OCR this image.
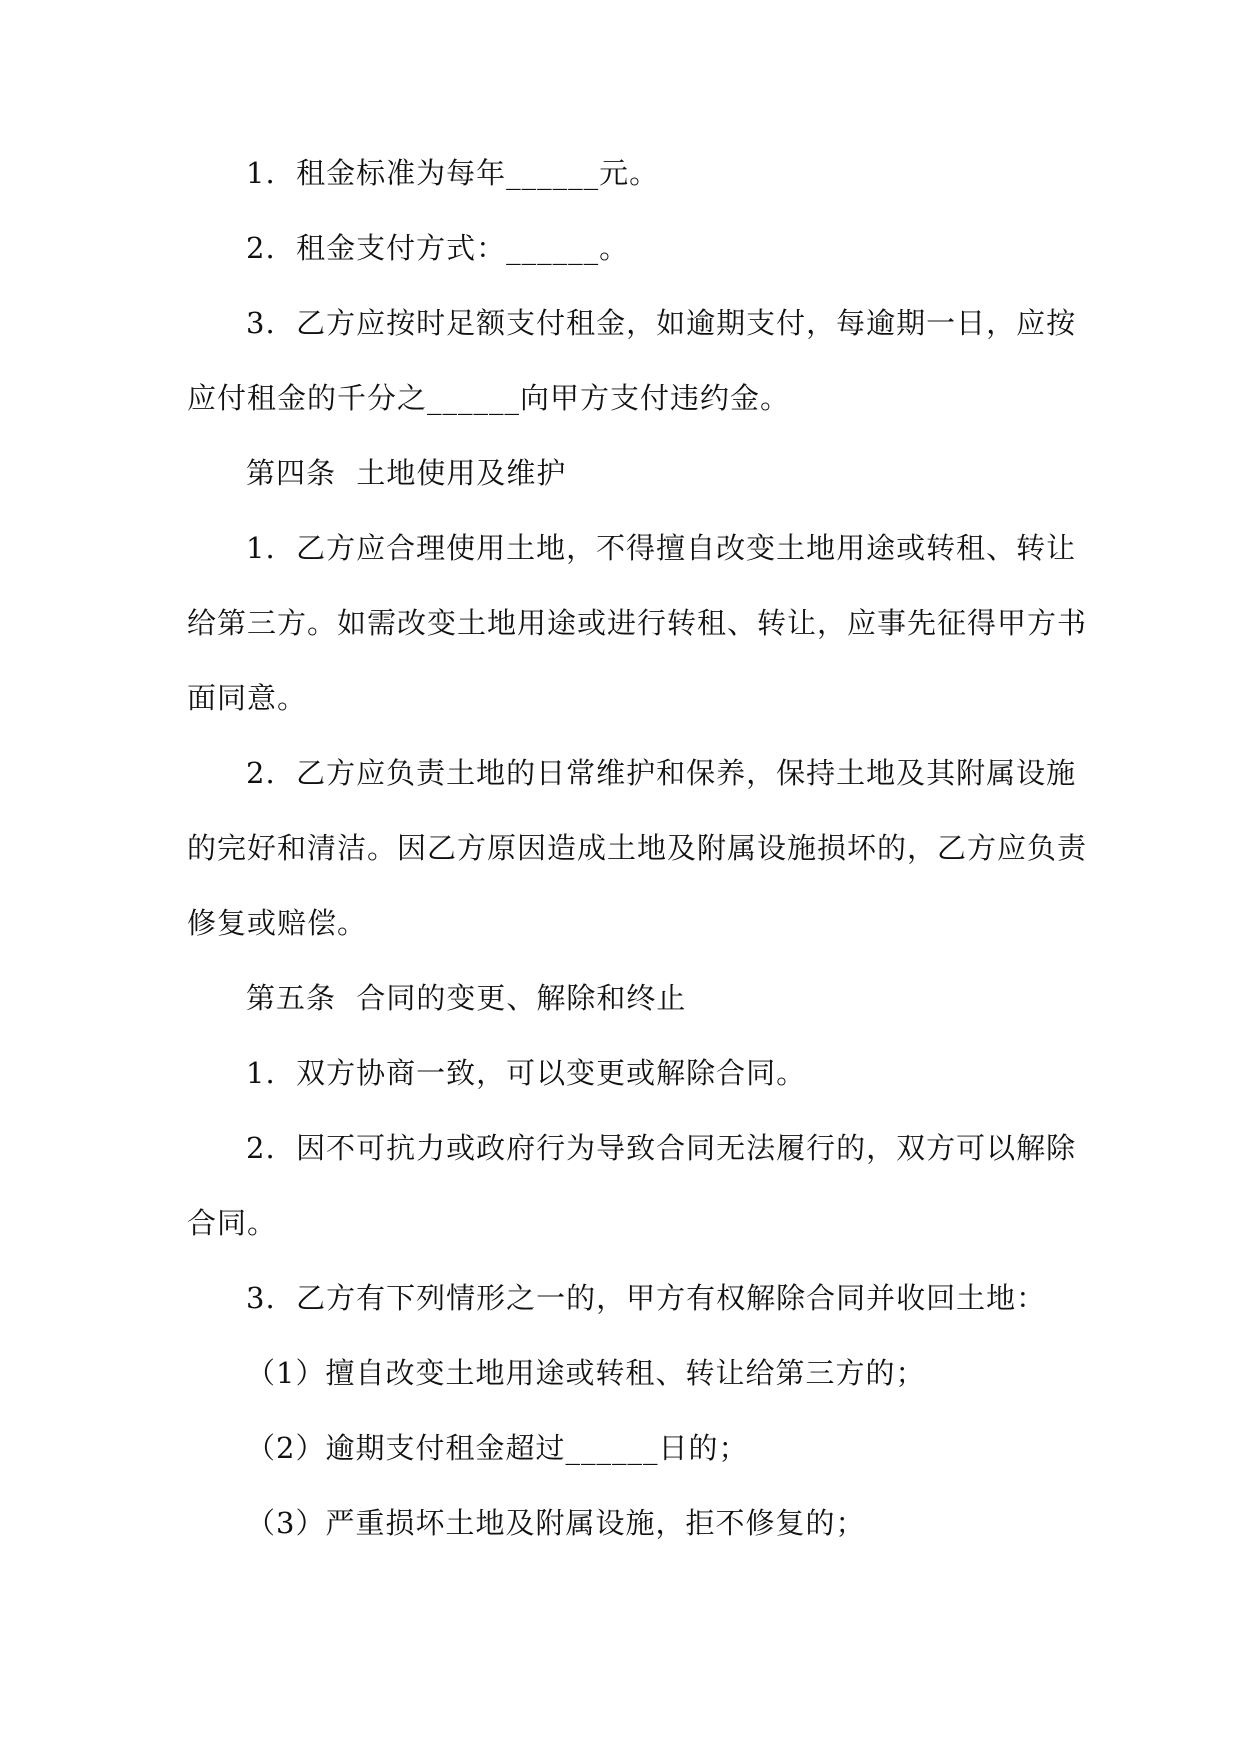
1.  租金标准为每年______元。
2.  租金支付方式：______。
3.  乙方应按时足额支付租金，如逾期支付，每逾期一日，应按
应付租金的千分之______向甲方支付违约金。
第四条  土地使用及维护
1.  乙方应合理使用土地，不得擅自改变土地用途或转租、转让
给第三方。如需改变土地用途或进行转租、转让，应事先征得甲方书
面同意。
2.  乙方应负责土地的日常维护和保养，保持土地及其附属设施
的完好和清洁。因乙方原因造成土地及附属设施损坏的，乙方应负责
修复或赔偿。
第五条  合同的变更、解除和终止
1.  双方协商一致，可以变更或解除合同。
2.  因不可抗力或政府行为导致合同无法履行的，双方可以解除
合同。
3.  乙方有下列情形之一的，甲方有权解除合同并收回土地：
（1）擅自改变土地用途或转租、转让给第三方的；
（2）逾期支付租金超过______日的；
（3）严重损坏土地及附属设施，拒不修复的；
